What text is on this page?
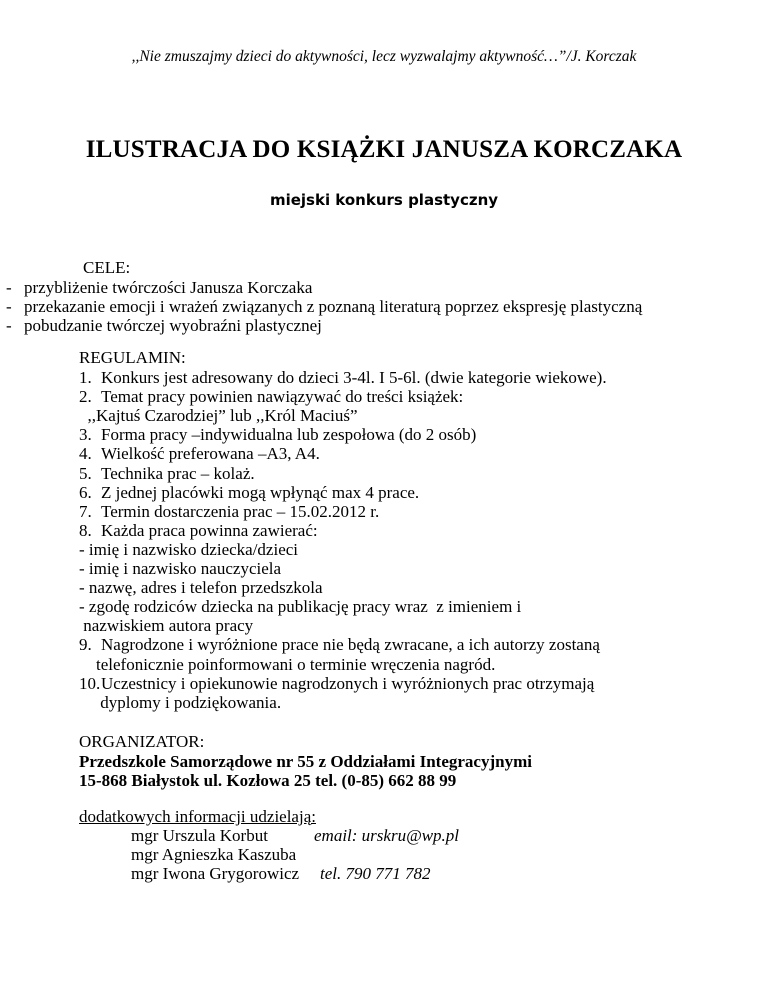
,,Nie zmuszajmy dzieci do aktywności, lecz wyzwalajmy aktywność…”/J. Korczak
ILUSTRACJA DO KSIĄŻKI JANUSZA KORCZAKA
miejski konkurs plastyczny
CELE:
- przybliżenie twórczości Janusza Korczaka
- przekazanie emocji i wrażeń związanych z poznaną literaturą poprzez ekspresję plastyczną
- pobudzanie twórczej wyobraźni plastycznej
REGULAMIN:
1. Konkurs jest adresowany do dzieci 3-4l. I 5-6l. (dwie kategorie wiekowe).
2. Temat pracy powinien nawiązywać do treści książek:
,,Kajtuś Czarodziej” lub ,,Król Maciuś”
3. Forma pracy –indywidualna lub zespołowa (do 2 osób)
4. Wielkość preferowana –A3, A4.
5. Technika prac – kolaż.
6. Z jednej placówki mogą wpłynąć max 4 prace.
7. Termin dostarczenia prac – 15.02.2012 r.
8. Każda praca powinna zawierać:
- imię i nazwisko dziecka/dzieci
- imię i nazwisko nauczyciela
- nazwę, adres i telefon przedszkola
- zgodę rodziców dziecka na publikację pracy wraz  z imieniem i
nazwiskiem autora pracy
9. Nagrodzone i wyróżnione prace nie będą zwracane, a ich autorzy zostaną
telefonicznie poinformowani o terminie wręczenia nagród.
10.Uczestnicy i opiekunowie nagrodzonych i wyróżnionych prac otrzymają
dyplomy i podziękowania.
ORGANIZATOR:
Przedszkole Samorządowe nr 55 z Oddziałami Integracyjnymi
15-868 Białystok ul. Kozłowa 25 tel. (0-85) 662 88 99
dodatkowych informacji udzielają:
mgr Urszula Korbut	email: urskru@wp.pl
mgr Agnieszka Kaszuba
mgr Iwona Grygorowicz tel. 790 771 782
